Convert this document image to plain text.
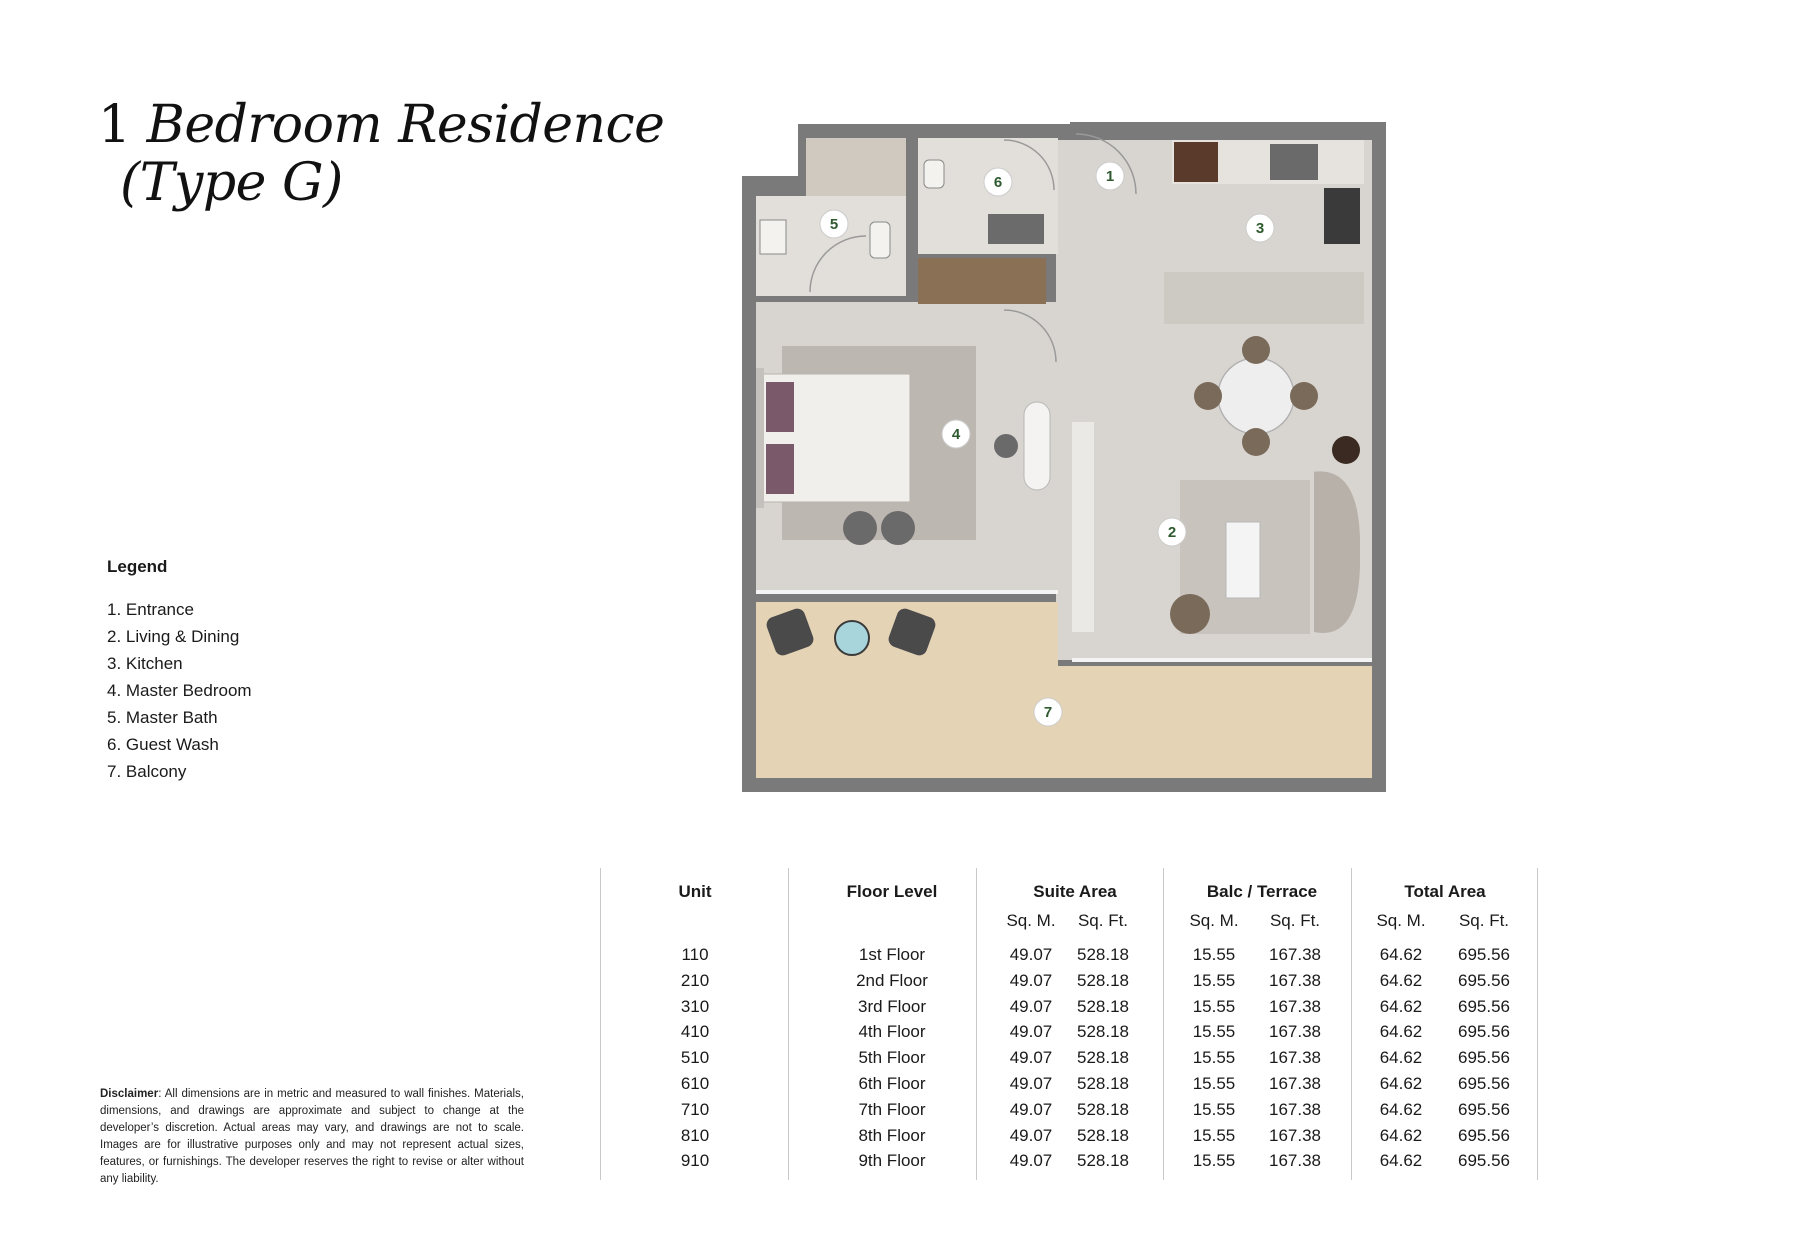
1 Bedroom Residence
(Type G)
Legend
1. Entrance
2. Living & Dining
3. Kitchen
4. Master Bedroom
5. Master Bath
6. Guest Wash
7. Balcony
1
2
3
4
5
6
7
Disclaimer: All dimensions are in metric and measured to wall finishes. Materials, dimensions, and drawings are approximate and subject to change at the developer’s discretion. Actual areas may vary, and drawings are not to scale. Images are for illustrative purposes only and may not represent actual sizes, features, or furnishings. The developer reserves the right to revise or alter without any liability.
Unit	Floor Level	Suite Area	Balc / Terrace	Total Area
Sq. M.	Sq. Ft.	Sq. M.	Sq. Ft.	Sq. M.	Sq. Ft.
110	1st Floor	49.07	528.18	15.55	167.38	64.62	695.56
210	2nd Floor	49.07	528.18	15.55	167.38	64.62	695.56
310	3rd Floor	49.07	528.18	15.55	167.38	64.62	695.56
410	4th Floor	49.07	528.18	15.55	167.38	64.62	695.56
510	5th Floor	49.07	528.18	15.55	167.38	64.62	695.56
610	6th Floor	49.07	528.18	15.55	167.38	64.62	695.56
710	7th Floor	49.07	528.18	15.55	167.38	64.62	695.56
810	8th Floor	49.07	528.18	15.55	167.38	64.62	695.56
910	9th Floor	49.07	528.18	15.55	167.38	64.62	695.56
